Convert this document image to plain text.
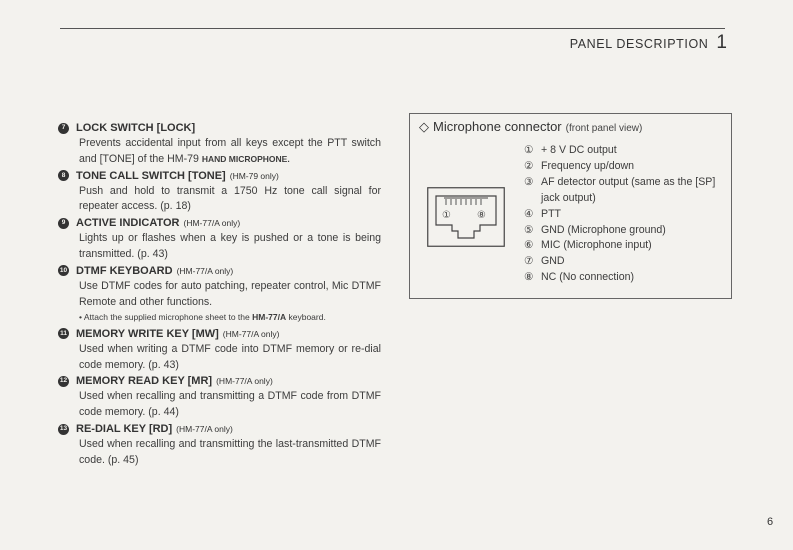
PANEL DESCRIPTION 1
7 LOCK SWITCH [LOCK]
Prevents accidental input from all keys except the PTT switch and [TONE] of the HM-79 HAND MICROPHONE.
8 TONE CALL SWITCH [TONE] (HM-79 only)
Push and hold to transmit a 1750 Hz tone call signal for repeater access. (p. 18)
9 ACTIVE INDICATOR (HM-77/A only)
Lights up or flashes when a key is pushed or a tone is being transmitted. (p. 43)
10 DTMF KEYBOARD (HM-77/A only)
Use DTMF codes for auto patching, repeater control, Mic DTMF Remote and other functions.
• Attach the supplied microphone sheet to the HM-77/A keyboard.
11 MEMORY WRITE KEY [MW] (HM-77/A only)
Used when writing a DTMF code into DTMF memory or re-dial code memory. (p. 43)
12 MEMORY READ KEY [MR] (HM-77/A only)
Used when recalling and transmitting a DTMF code from DTMF code memory. (p. 44)
13 RE-DIAL KEY [RD] (HM-77/A only)
Used when recalling and transmitting the last-transmitted DTMF code. (p. 45)
◇ Microphone connector (front panel view)
①	⑧
① + 8 V DC output
② Frequency up/down
③ AF detector output (same as the [SP] jack output)
④ PTT
⑤ GND (Microphone ground)
⑥ MIC (Microphone input)
⑦ GND
⑧ NC (No connection)
6
